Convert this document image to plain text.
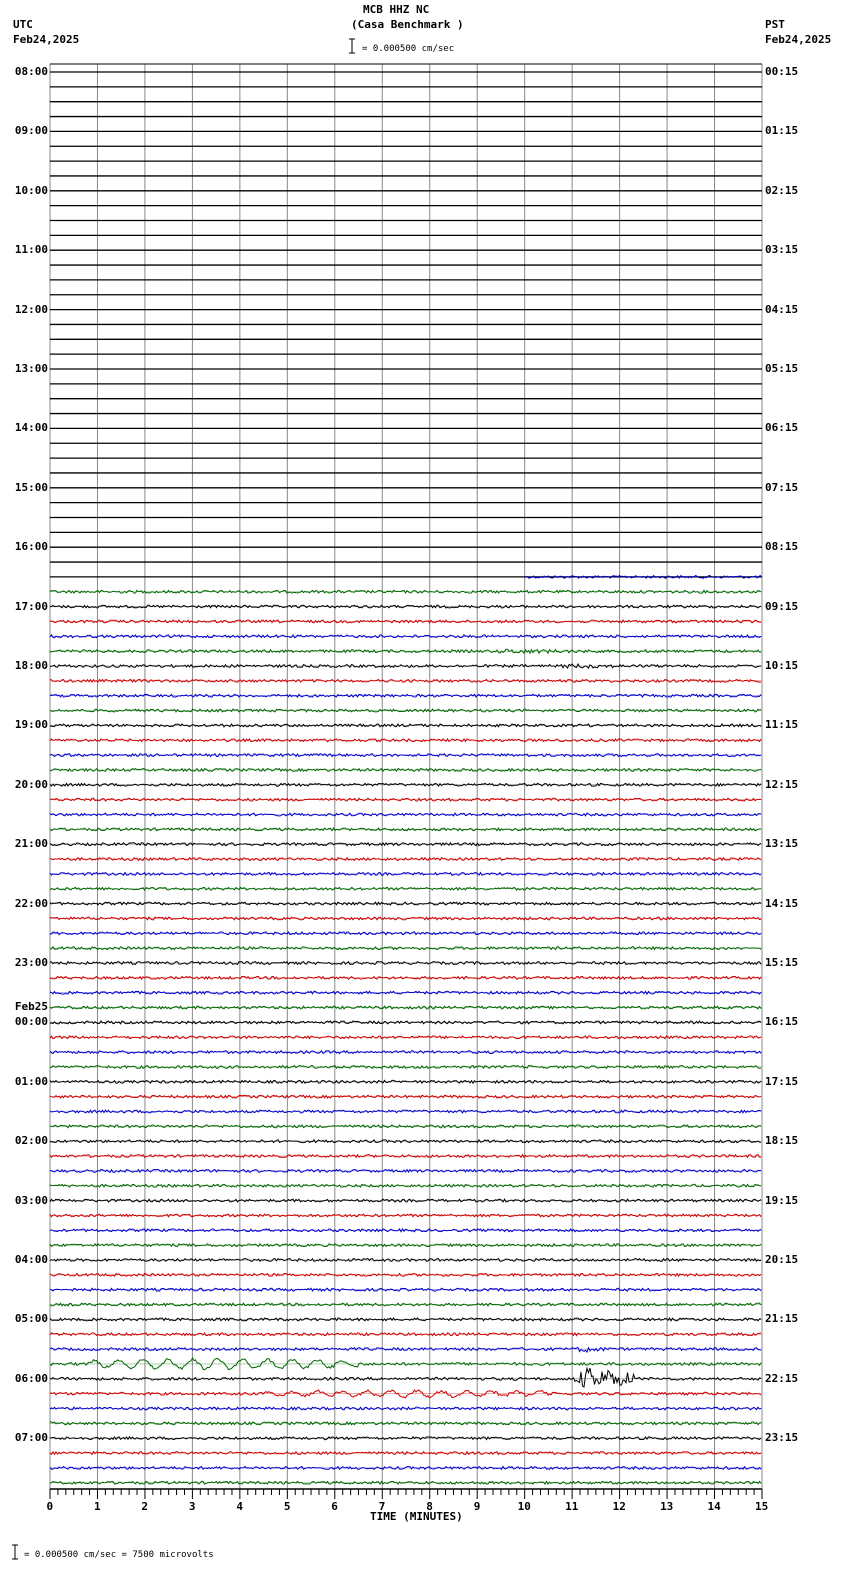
MCB HHZ NC
(Casa Benchmark )
UTC
Feb24,2025
PST
Feb24,2025
= 0.000500 cm/sec
08:00
09:00
10:00
11:00
12:00
13:00
14:00
15:00
16:00
17:00
18:00
19:00
20:00
21:00
22:00
23:00
00:00
Feb25
01:00
02:00
03:00
04:00
05:00
06:00
07:00
00:15
01:15
02:15
03:15
04:15
05:15
06:15
07:15
08:15
09:15
10:15
11:15
12:15
13:15
14:15
15:15
16:15
17:15
18:15
19:15
20:15
21:15
22:15
23:15
0	1	2	3	4	5	6	7	8	9	10	11	12	13	14	15
TIME (MINUTES)
= 0.000500 cm/sec = 7500 microvolts
